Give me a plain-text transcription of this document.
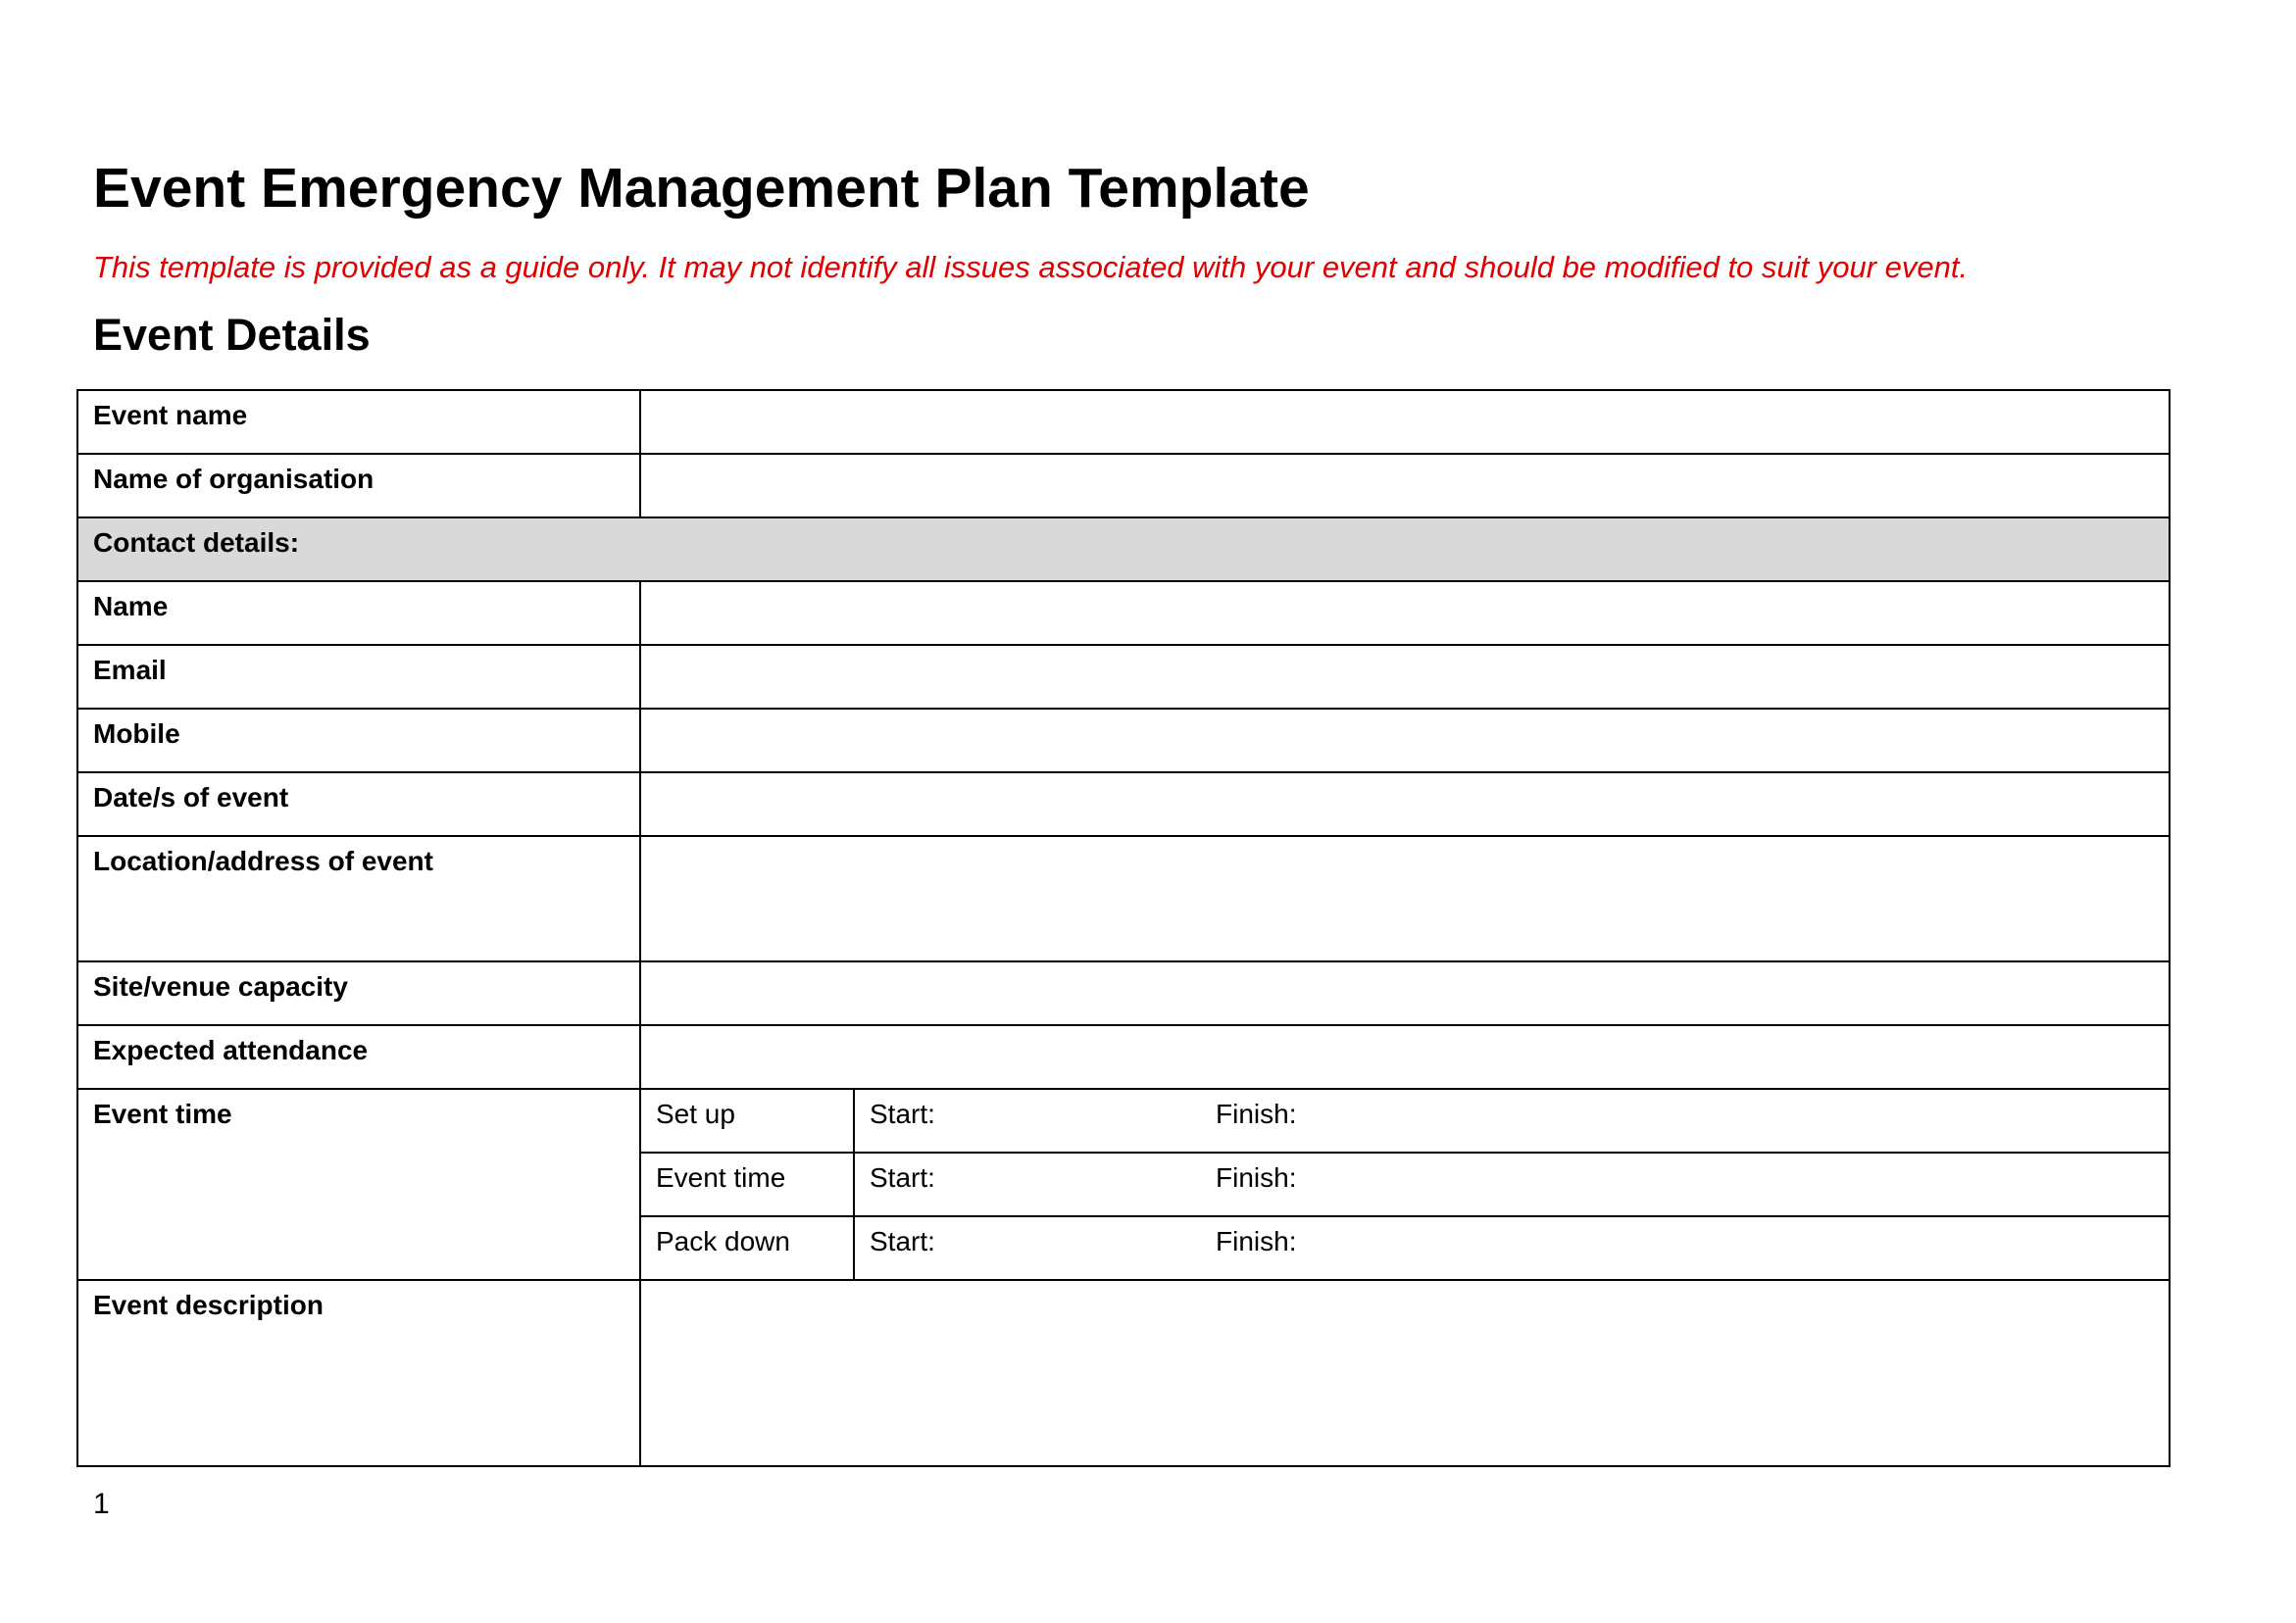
Event Emergency Management Plan Template

This template is provided as a guide only. It may not identify all issues associated with your event and should be modified to suit your event.

Event Details
Event name		
Name of organisation		
Contact details:		
Name		
Email		
Mobile		
Date/s of event		
Location/address of event		
Site/venue capacity		
Expected attendance		
Event time	Set up	Start: Finish:

	Event time	Start: Finish:

	Pack down	Start: Finish:

Event description		

1
